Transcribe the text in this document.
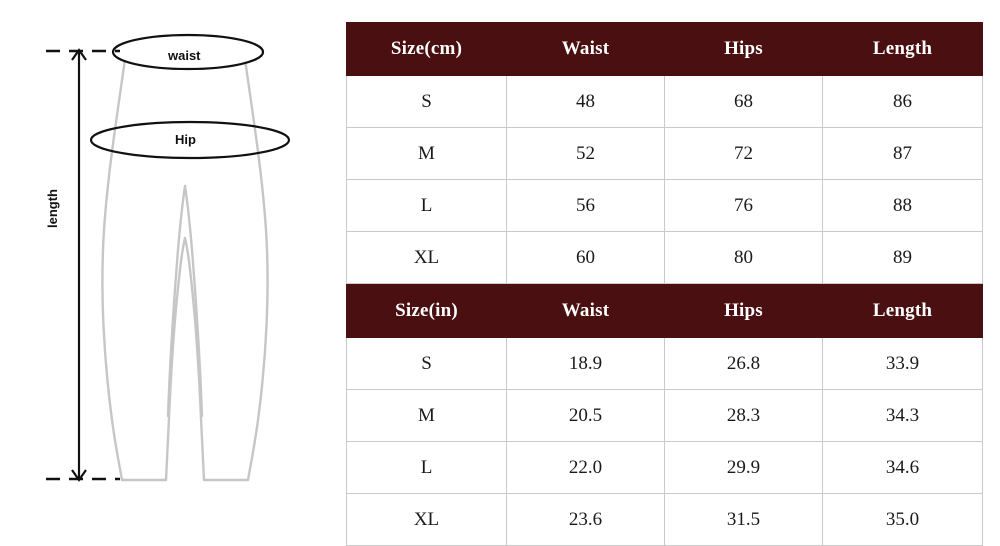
waist
Hip
length
Size(cm)	Waist	Hips	Length
S	48	68	86
M	52	72	87
L	56	76	88
XL	60	80	89
Size(in)	Waist	Hips	Length
S	18.9	26.8	33.9
M	20.5	28.3	34.3
L	22.0	29.9	34.6
XL	23.6	31.5	35.0
